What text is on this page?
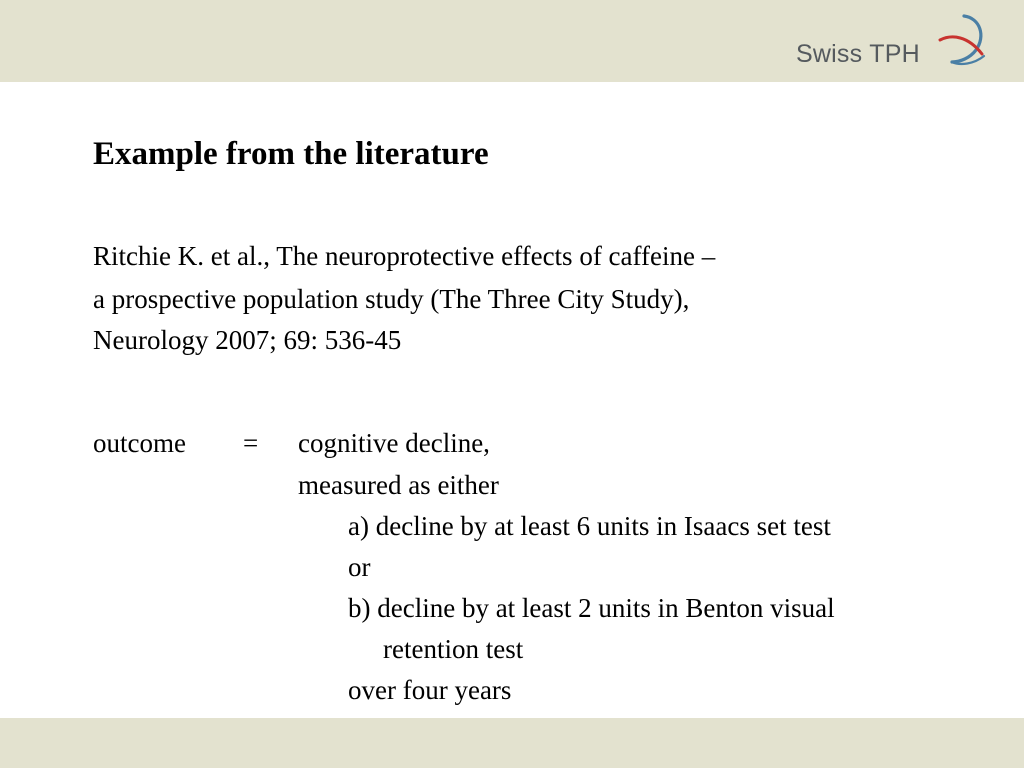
Swiss TPH
Example from the literature
Ritchie K. et al., The neuroprotective effects of caffeine –
a prospective population study (The Three City Study),
Neurology 2007; 69: 536-45
outcome = cognitive decline,
measured as either
a) decline by at least 6 units in Isaacs set test
or
b) decline by at least 2 units in Benton visual
retention test
over four years
